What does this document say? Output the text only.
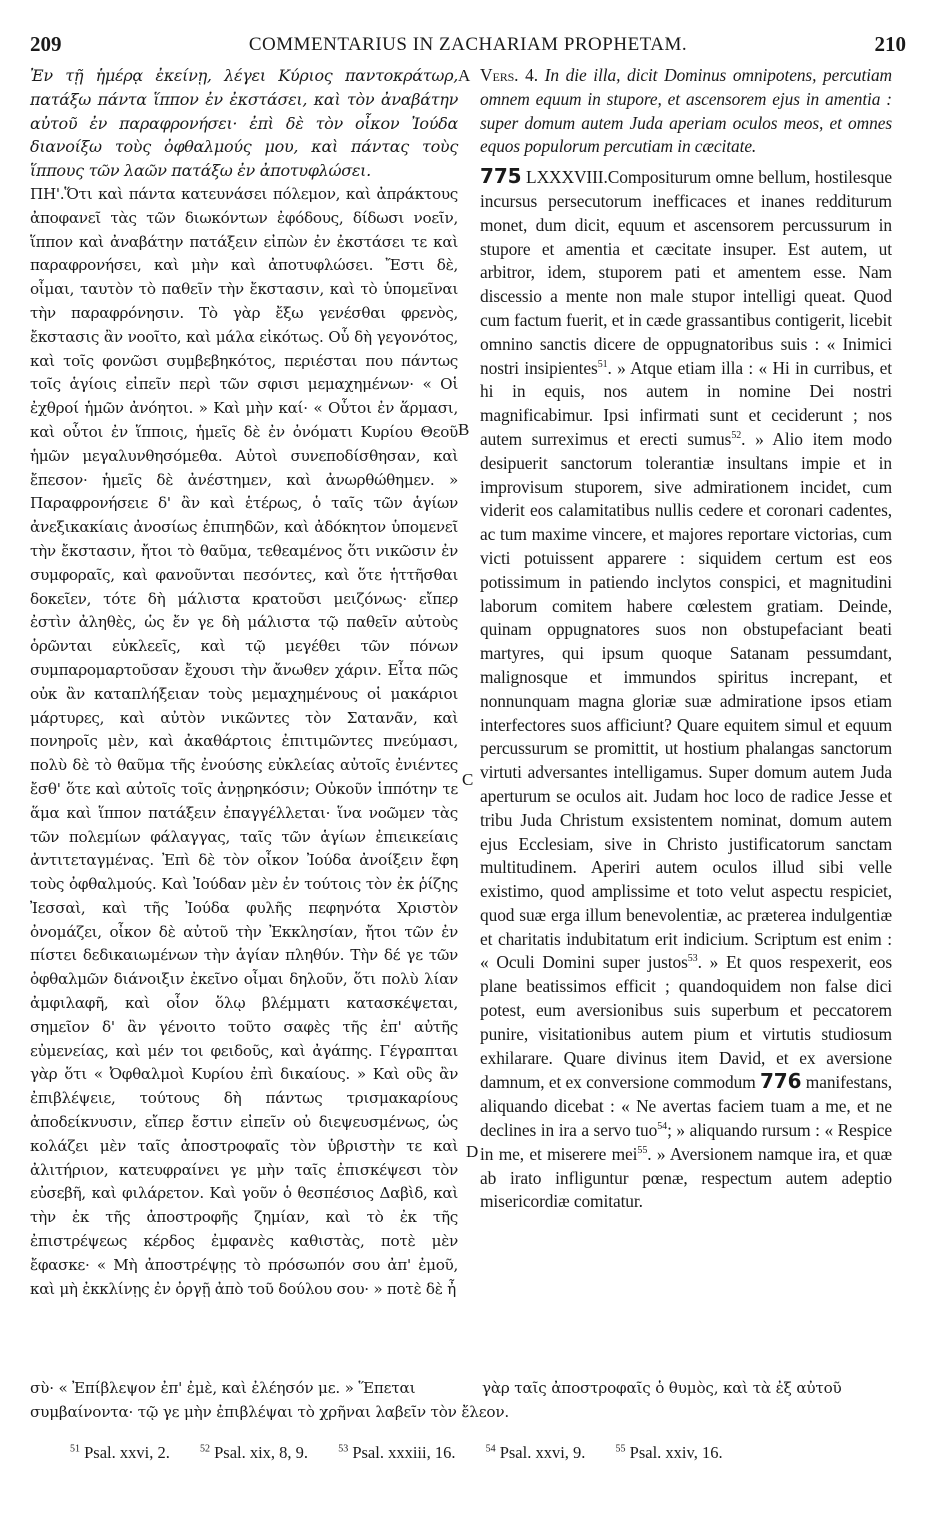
209	COMMENTARIUS IN ZACHARIAM PROPHETAM.	210

Ἐν τῇ ἡμέρᾳ ἐκείνῃ, λέγει Κύριος παντοκράτωρ, πατάξω πάντα ἵππον ἐν ἐκστάσει, καὶ τὸν ἀναβάτην αὐτοῦ ἐν παραφρονήσει· ἐπὶ δὲ τὸν οἶκον Ἰούδα διανοίξω τοὺς ὀφθαλμούς μου, καὶ πάντας τοὺς ἵππους τῶν λαῶν πατάξω ἐν ἀποτυφλώσει.

ΠΗ'.Ὅτι καὶ πάντα κατευνάσει πόλεμον, καὶ ἀπράκτους ἀποφανεῖ τὰς τῶν διωκόντων ἐφόδους, δίδωσι νοεῖν, ἵππον καὶ ἀναβάτην πατάξειν εἰπὼν ἐν ἐκστάσει τε καὶ παραφρονήσει, καὶ μὴν καὶ ἀποτυφλώσει. Ἔστι δὲ, οἶμαι, ταυτὸν τὸ παθεῖν τὴν ἔκστασιν, καὶ τὸ ὑπομεῖναι τὴν παραφρόνησιν. Τὸ γὰρ ἔξω γενέσθαι φρενὸς, ἔκστασις ἂν νοοῖτο, καὶ μάλα εἰκότως. Οὗ δὴ γεγονότος, καὶ τοῖς φονῶσι συμβεβηκότος, περιέσται που πάντως τοῖς ἁγίοις εἰπεῖν περὶ τῶν σφισι μεμαχημένων· « Οἱ ἐχθροί ἡμῶν ἀνόητοι. » Καὶ μὴν καί· « Οὗτοι ἐν ἅρμασι, καὶ οὗτοι ἐν ἵπποις, ἡμεῖς δὲ ἐν ὀνόματι Κυρίου Θεοῦ ἡμῶν μεγαλυνθησόμεθα. Αὐτοὶ συνεποδίσθησαν, καὶ ἔπεσον· ἡμεῖς δὲ ἀνέστημεν, καὶ ἀνωρθώθημεν. » Παραφρονήσειε δ' ἂν καὶ ἑτέρως, ὁ ταῖς τῶν ἁγίων ἀνεξικακίαις ἀνοσίως ἐπιπηδῶν, καὶ ἀδόκητον ὑπομενεῖ τὴν ἔκστασιν, ἤτοι τὸ θαῦμα, τεθεαμένος ὅτι νικῶσιν ἐν συμφοραῖς, καὶ φανοῦνται πεσόντες, καὶ ὅτε ἡττῆσθαι δοκεῖεν, τότε δὴ μάλιστα κρατοῦσι μειζόνως· εἴπερ ἐστὶν ἀληθὲς, ὡς ἔν γε δὴ μάλιστα τῷ παθεῖν αὐτοὺς ὁρῶνται εὐκλεεῖς, καὶ τῷ μεγέθει τῶν πόνων συμπαρομαρτοῦσαν ἔχουσι τὴν ἄνωθεν χάριν. Εἶτα πῶς οὐκ ἂν καταπλήξειαν τοὺς μεμαχημένους οἱ μακάριοι μάρτυρες, καὶ αὐτὸν νικῶντες τὸν Σατανᾶν, καὶ πονηροῖς μὲν, καὶ ἀκαθάρτοις ἐπιτιμῶντες πνεύμασι, πολὺ δὲ τὸ θαῦμα τῆς ἐνούσης εὐκλείας αὐτοῖς ἐνιέντες ἔσθ' ὅτε καὶ αὐτοῖς τοῖς ἀνῃρηκόσιν; Οὐκοῦν ἱππότην τε ἅμα καὶ ἵππον πατάξειν ἐπαγγέλλεται· ἵνα νοῶμεν τὰς τῶν πολεμίων φάλαγγας, ταῖς τῶν ἁγίων ἐπιεικείαις ἀντιτεταγμένας. Ἐπὶ δὲ τὸν οἶκον Ἰούδα ἀνοίξειν ἔφη τοὺς ὀφθαλμούς. Καὶ Ἰούδαν μὲν ἐν τούτοις τὸν ἐκ ῥίζης Ἰεσσαὶ, καὶ τῆς Ἰούδα φυλῆς πεφηνότα Χριστὸν ὀνομάζει, οἶκον δὲ αὐτοῦ τὴν Ἐκκλησίαν, ἤτοι τῶν ἐν πίστει δεδικαιωμένων τὴν ἁγίαν πληθύν. Τὴν δέ γε τῶν ὀφθαλμῶν διάνοιξιν ἐκεῖνο οἶμαι δηλοῦν, ὅτι πολὺ λίαν ἀμφιλαφῆ, καὶ οἷον ὅλῳ βλέμματι κατασκέψεται, σημεῖον δ' ἂν γένοιτο τοῦτο σαφὲς τῆς ἐπ' αὐτῆς εὐμενείας, καὶ μέν τοι φειδοῦς, καὶ ἀγάπης. Γέγραπται γὰρ ὅτι « Ὀφθαλμοὶ Κυρίου ἐπὶ δικαίους. » Καὶ οὓς ἂν ἐπιβλέψειε, τούτους δὴ πάντως τρισμακαρίους ἀποδείκνυσιν, εἴπερ ἔστιν εἰπεῖν οὐ διεψευσμένως, ὡς κολάζει μὲν ταῖς ἀποστροφαῖς τὸν ὑβριστὴν τε καὶ ἀλιτήριον, κατευφραίνει γε μὴν ταῖς ἐπισκέψεσι τὸν εὐσεβῆ, καὶ φιλάρετον. Καὶ γοῦν ὁ θεσπέσιος Δαβὶδ, καὶ τὴν ἐκ τῆς ἀποστροφῆς ζημίαν, καὶ τὸ ἐκ τῆς ἐπιστρέψεως κέρδος ἐμφανὲς καθιστὰς, ποτὲ μὲν ἔφασκε· « Μὴ ἀποστρέψῃς τὸ πρόσωπόν σου ἀπ' ἐμοῦ, καὶ μὴ ἐκκλίνῃς ἐν ὀργῇ ἀπὸ τοῦ δούλου σου· » ποτὲ δὲ ἦ

A
B
C
D

Vers. 4. In die illa, dicit Dominus omnipotens, percutiam omnem equum in stupore, et ascensorem ejus in amentia : super domum autem Juda aperiam oculos meos, et omnes equos populorum percutiam in cæcitate.

775 LXXXVIII.Compositurum omne bellum, hostilesque incursus persecutorum inefficaces et inanes redditurum monet, dum dicit, equum et ascensorem percussurum in stupore et amentia et cæcitate insuper. Est autem, ut arbitror, idem, stuporem pati et amentem esse. Nam discessio a mente non male stupor intelligi queat. Quod cum factum fuerit, et in cæde grassantibus contigerit, licebit omnino sanctis dicere de oppugnatoribus suis : « Inimici nostri insipientes$^{51}$. » Atque etiam illa : « Hi in curribus, et hi in equis, nos autem in nomine Dei nostri magnificabimur. Ipsi infirmati sunt et ceciderunt ; nos autem surreximus et erecti sumus$^{52}$. » Alio item modo desipuerit sanctorum tolerantiæ insultans impie et in improvisum stuporem, sive admirationem incidet, cum viderit eos calamitatibus nullis cedere et coronari cadentes, ac tum maxime vincere, et majores reportare victorias, cum victi potuissent apparere : siquidem certum est eos potissimum in patiendo inclytos conspici, et magnitudini laborum comitem habere cœlestem gratiam. Deinde, quinam oppugnatores suos non obstupefaciant beati martyres, qui ipsum quoque Satanam pessumdant, malignosque et immundos spiritus increpant, et nonnunquam magna gloriæ suæ admiratione ipsos etiam interfectores suos afficiunt? Quare equitem simul et equum percussurum se promittit, ut hostium phalangas sanctorum virtuti adversantes intelligamus. Super domum autem Juda aperturum se oculos ait. Judam hoc loco de radice Jesse et tribu Juda Christum exsistentem nominat, domum autem ejus Ecclesiam, sive in Christo justificatorum sanctam multitudinem. Aperiri autem oculos illud sibi velle existimo, quod amplissime et toto velut aspectu respiciet, quod suæ erga illum benevolentiæ, ac præterea indulgentiæ et charitatis indubitatum erit indicium. Scriptum est enim : « Oculi Domini super justos$^{53}$. » Et quos respexerit, eos plane beatissimos efficit ; quandoquidem non false dici potest, eum aversionibus suis superbum et peccatorem punire, visitationibus autem pium et virtutis studiosum exhilarare. Quare divinus item David, et ex aversione damnum, et ex conversione commodum 776 manifestans, aliquando dicebat : « Ne avertas faciem tuam a me, et ne declines in ira a servo tuo$^{54}$; » aliquando rursum : « Respice in me, et miserere mei$^{55}$. » Aversionem namque ira, et quæ ab irato infliguntur pœnæ, respectum autem adeptio misericordiæ comitatur.

σὺ· « Ἐπίβλεψον ἐπ' ἐμὲ, καὶ ἐλέησόν με. » Ἕπεται	γὰρ ταῖς ἀποστροφαῖς ὁ θυμὸς, καὶ τὰ ἐξ αὐτοῦ
συμβαίνοντα· τῷ γε μὴν ἐπιβλέψαι τὸ χρῆναι λαβεῖν τὸν ἔλεον.
$^{51}$ Psal. xxvi, 2.	$^{52}$ Psal. xix, 8, 9.	$^{53}$ Psal. xxxiii, 16.	$^{54}$ Psal. xxvi, 9.	$^{55}$ Psal. xxiv, 16.
